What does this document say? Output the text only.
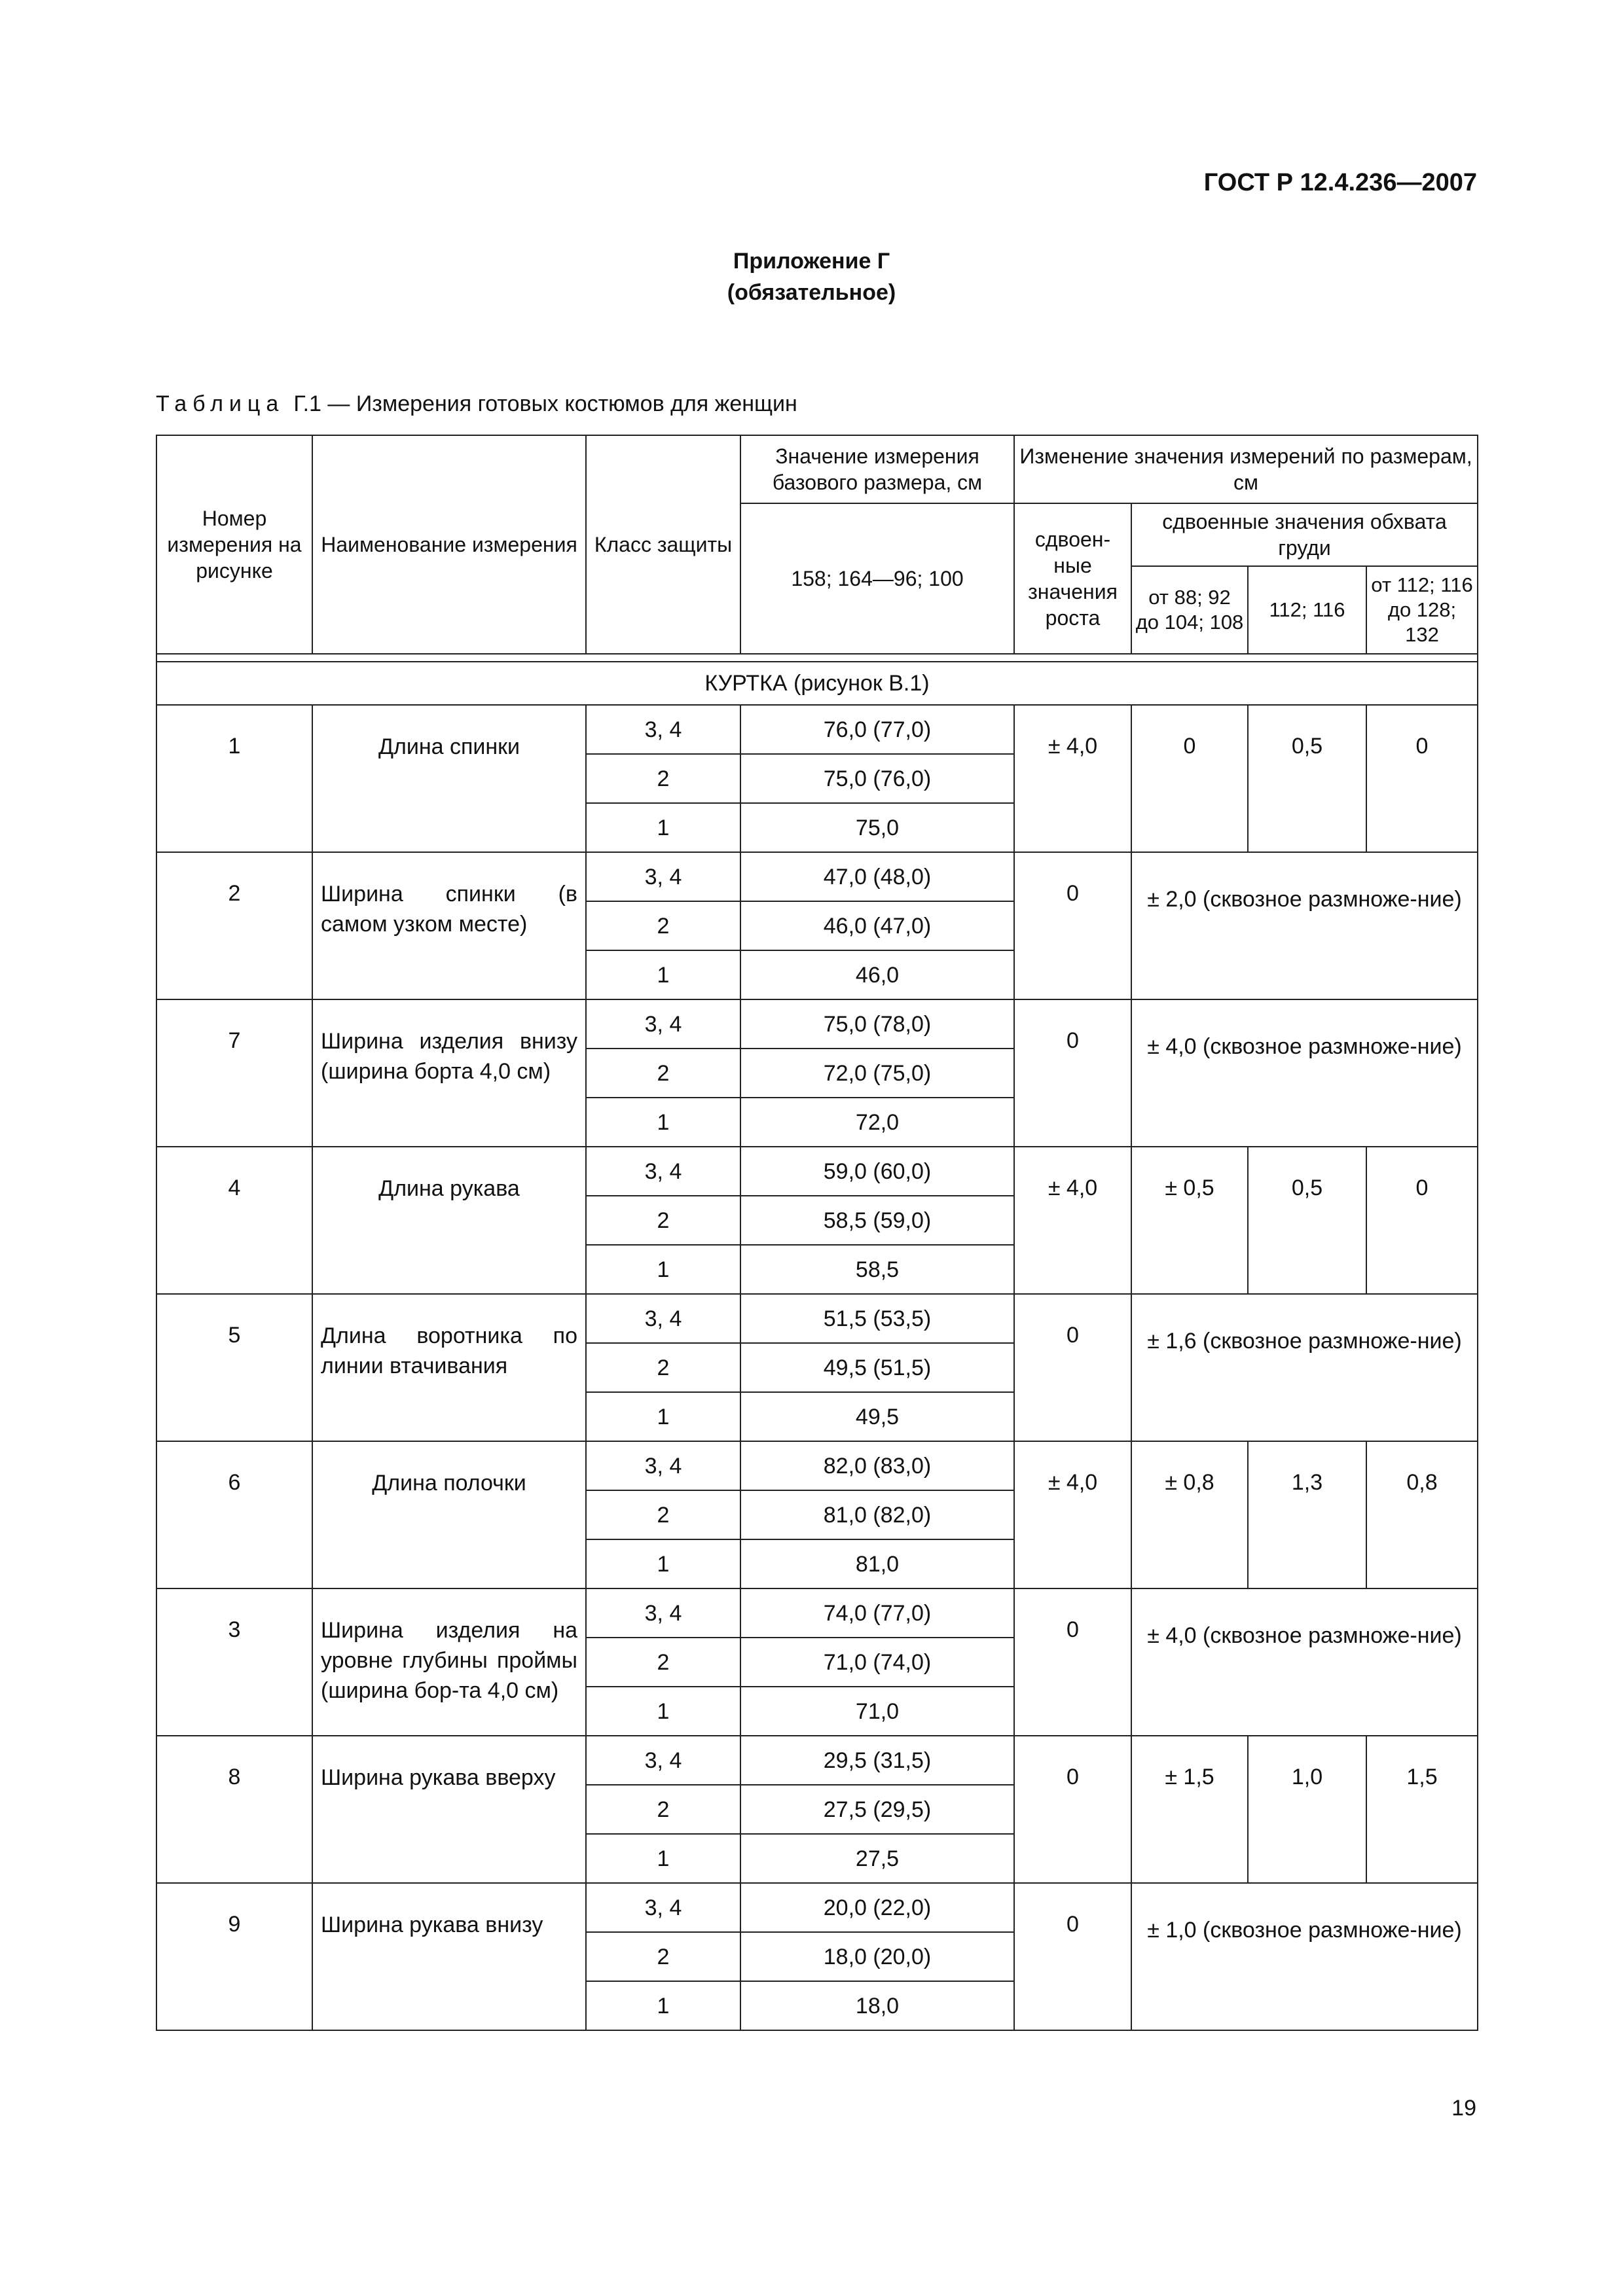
ГОСТ Р 12.4.236—2007
Приложение Г
(обязательное)
Таблица Г.1 — Измерения готовых костюмов для женщин
Номер измерения на рисунке	Наименование измерения	Класс защиты	Значение измерения базового размера, см	Изменение значения измерений по размерам, см			
			158; 164—96; 100	сдвоен-ные значения роста	сдвоенные значения обхвата груди		
					от 88; 92 до 104; 108	112; 116	от 112; 116 до 128; 132

КУРТКА (рисунок В.1)							
1	Длина спинки	3, 4	76,0 (77,0)	± 4,0	0	0,5	0
		2	75,0 (76,0)				
		1	75,0				
2	Ширина спинки (в самом узком месте)	3, 4	47,0 (48,0)	0	± 2,0 (сквозное размноже-ние)		
		2	46,0 (47,0)				
		1	46,0				
7	Ширина изделия внизу (ширина борта 4,0 см)	3, 4	75,0 (78,0)	0	± 4,0 (сквозное размноже-ние)		
		2	72,0 (75,0)				
		1	72,0				
4	Длина рукава	3, 4	59,0 (60,0)	± 4,0	± 0,5	0,5	0
		2	58,5 (59,0)				
		1	58,5				
5	Длина воротника по линии втачивания	3, 4	51,5 (53,5)	0	± 1,6 (сквозное размноже-ние)		
		2	49,5 (51,5)				
		1	49,5				
6	Длина полочки	3, 4	82,0 (83,0)	± 4,0	± 0,8	1,3	0,8
		2	81,0 (82,0)				
		1	81,0				
3	Ширина изделия на уровне глубины проймы (ширина бор-та 4,0 см)	3, 4	74,0 (77,0)	0	± 4,0 (сквозное размноже-ние)		
		2	71,0 (74,0)				
		1	71,0				
8	Ширина рукава вверху	3, 4	29,5 (31,5)	0	± 1,5	1,0	1,5
		2	27,5 (29,5)				
		1	27,5				
9	Ширина рукава внизу	3, 4	20,0 (22,0)	0	± 1,0 (сквозное размноже-ние)		
		2	18,0 (20,0)				
		1	18,0				
19
